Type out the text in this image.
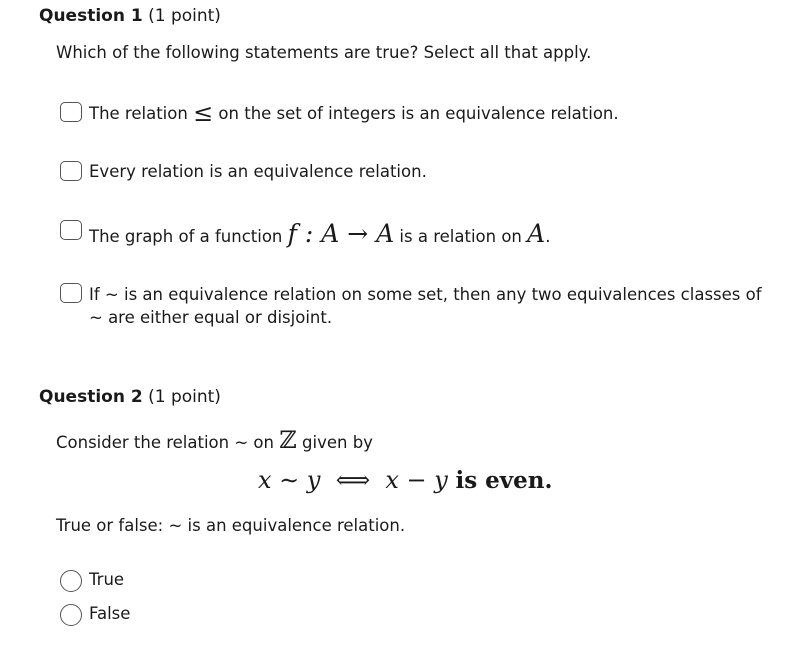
Question 1 (1 point)
Which of the following statements are true? Select all that apply.
The relation ≤ on the set of integers is an equivalence relation.
Every relation is an equivalence relation.
The graph of a function f : A → A is a relation on A.
If ~ is an equivalence relation on some set, then any two equivalences classes of
~ are either equal or disjoint.
Question 2 (1 point)
Consider the relation ~ on ℤ given by
x ∼ y  ⟺  x − y is even.
True or false: ~ is an equivalence relation.
True
False
